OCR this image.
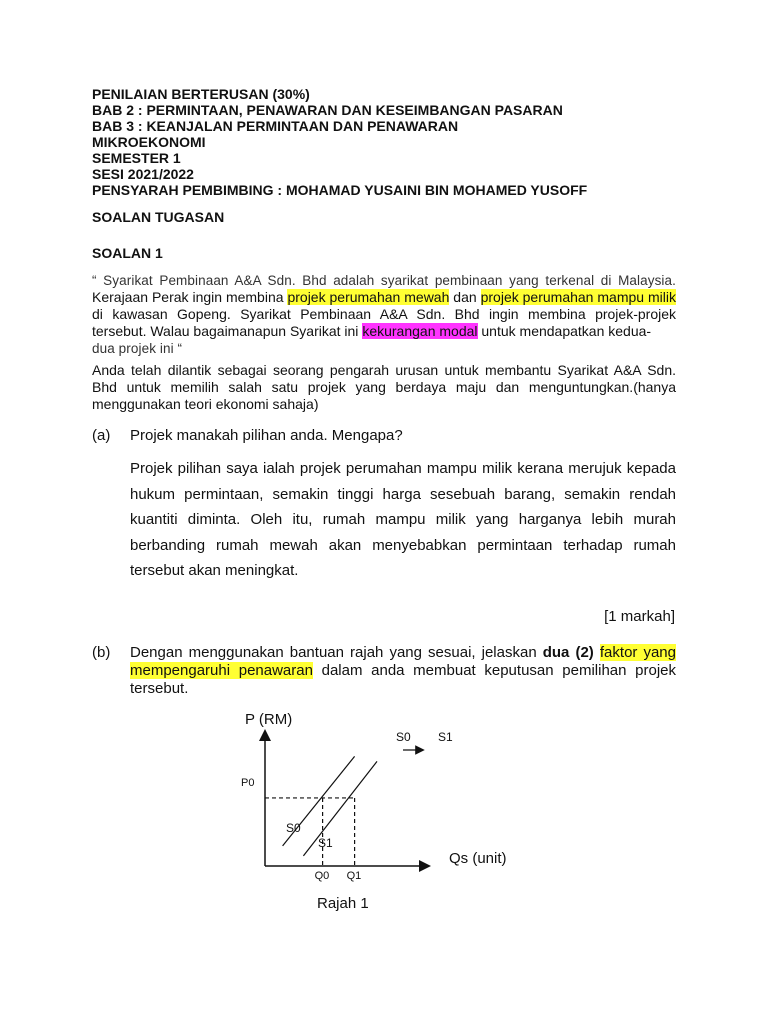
PENILAIAN BERTERUSAN (30%)
BAB 2 : PERMINTAAN, PENAWARAN DAN KESEIMBANGAN PASARAN
BAB 3 : KEANJALAN PERMINTAAN DAN PENAWARAN
MIKROEKONOMI
SEMESTER 1
SESI 2021/2022
PENSYARAH PEMBIMBING : MOHAMAD YUSAINI BIN MOHAMED YUSOFF
SOALAN TUGASAN
SOALAN 1
“ Syarikat Pembinaan A&A Sdn. Bhd adalah syarikat pembinaan yang terkenal di Malaysia. Kerajaan Perak ingin membina projek perumahan mewah dan projek perumahan mampu milik di kawasan Gopeng. Syarikat Pembinaan A&A Sdn. Bhd ingin membina projek-projek tersebut. Walau bagaimanapun Syarikat ini kekurangan modal untuk mendapatkan kedua-
dua projek ini “
Anda telah dilantik sebagai seorang pengarah urusan untuk membantu Syarikat A&A Sdn. Bhd untuk memilih salah satu projek yang berdaya maju dan menguntungkan.(hanya menggunakan teori ekonomi sahaja)
(a) Projek manakah pilihan anda. Mengapa?
Projek pilihan saya ialah projek perumahan mampu milik kerana merujuk kepada
hukum permintaan, semakin tinggi harga sesebuah barang, semakin rendah
kuantiti diminta. Oleh itu, rumah mampu milik yang harganya lebih murah
berbanding rumah mewah akan menyebabkan permintaan terhadap rumah
tersebut akan meningkat.
[1 markah]
(b) Dengan menggunakan bantuan rajah yang sesuai, jelaskan dua (2) faktor yang mempengaruhi penawaran dalam anda membuat keputusan pemilihan projek tersebut.
P (RM)
Qs (unit)
P0
Q0 Q1
S0
S1
S0 S1
Rajah 1
